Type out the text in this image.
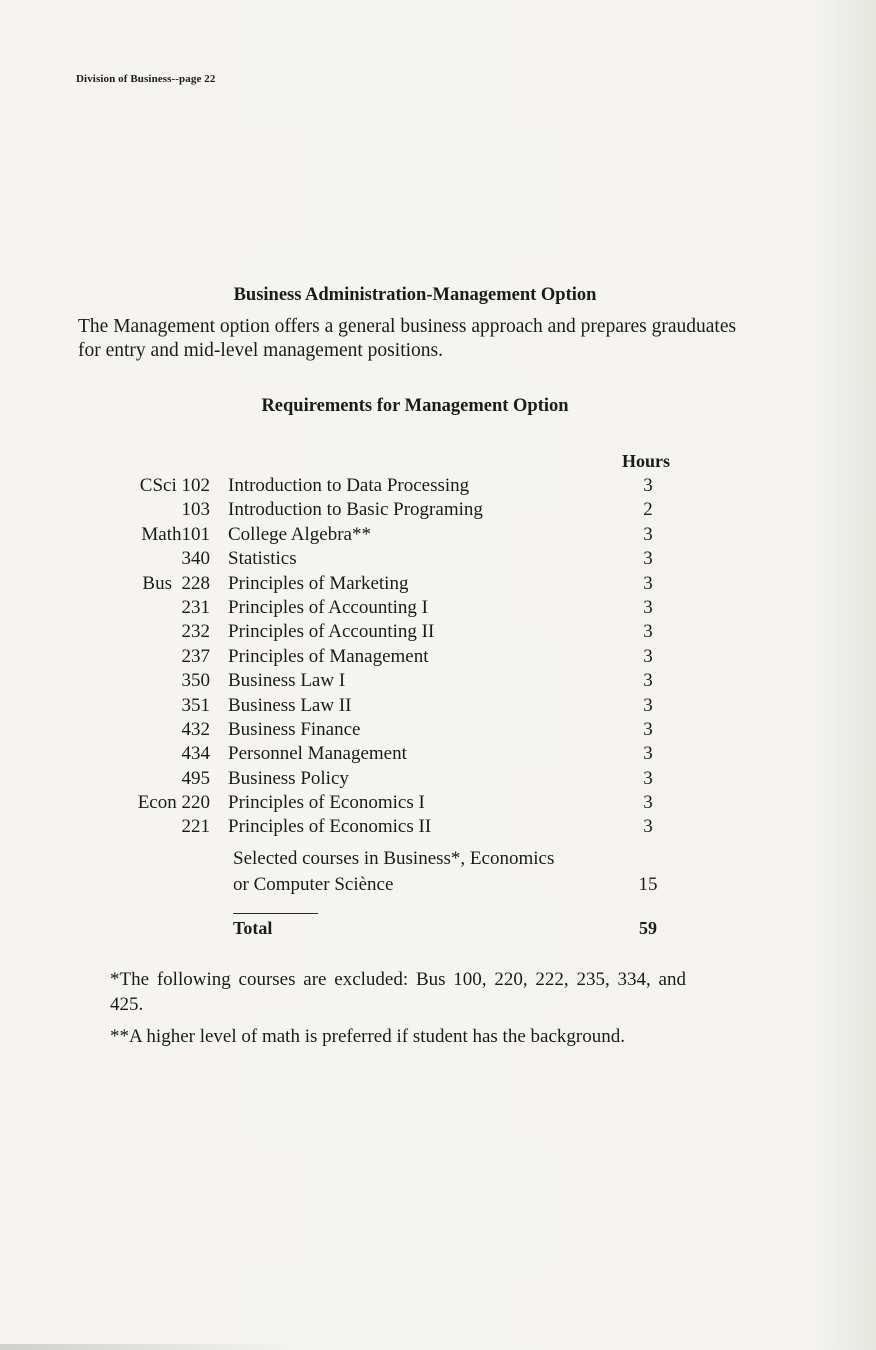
Division of Business--page 22
Business Administration-Management Option

The Management option offers a general business approach and prepares grauduates for entry and mid-level management positions.

Requirements for Management Option
Hours
CSci 102 Introduction to Data Processing	3
103 Introduction to Basic Programing	2
Math101 College Algebra**	3
340 Statistics	3
Bus  228 Principles of Marketing	3
231 Principles of Accounting I	3
232 Principles of Accounting II	3
237 Principles of Management	3
350 Business Law I	3
351 Business Law II	3
432 Business Finance	3
434 Personnel Management	3
495 Business Policy	3
Econ 220 Principles of Economics I	3
221 Principles of Economics II	3
Selected courses in Business*, Economics
or Computer Sciènce	15
Total	59

*The following courses are excluded: Bus 100, 220, 222, 235, 334, and 425.

**A higher level of math is preferred if student has the background.
